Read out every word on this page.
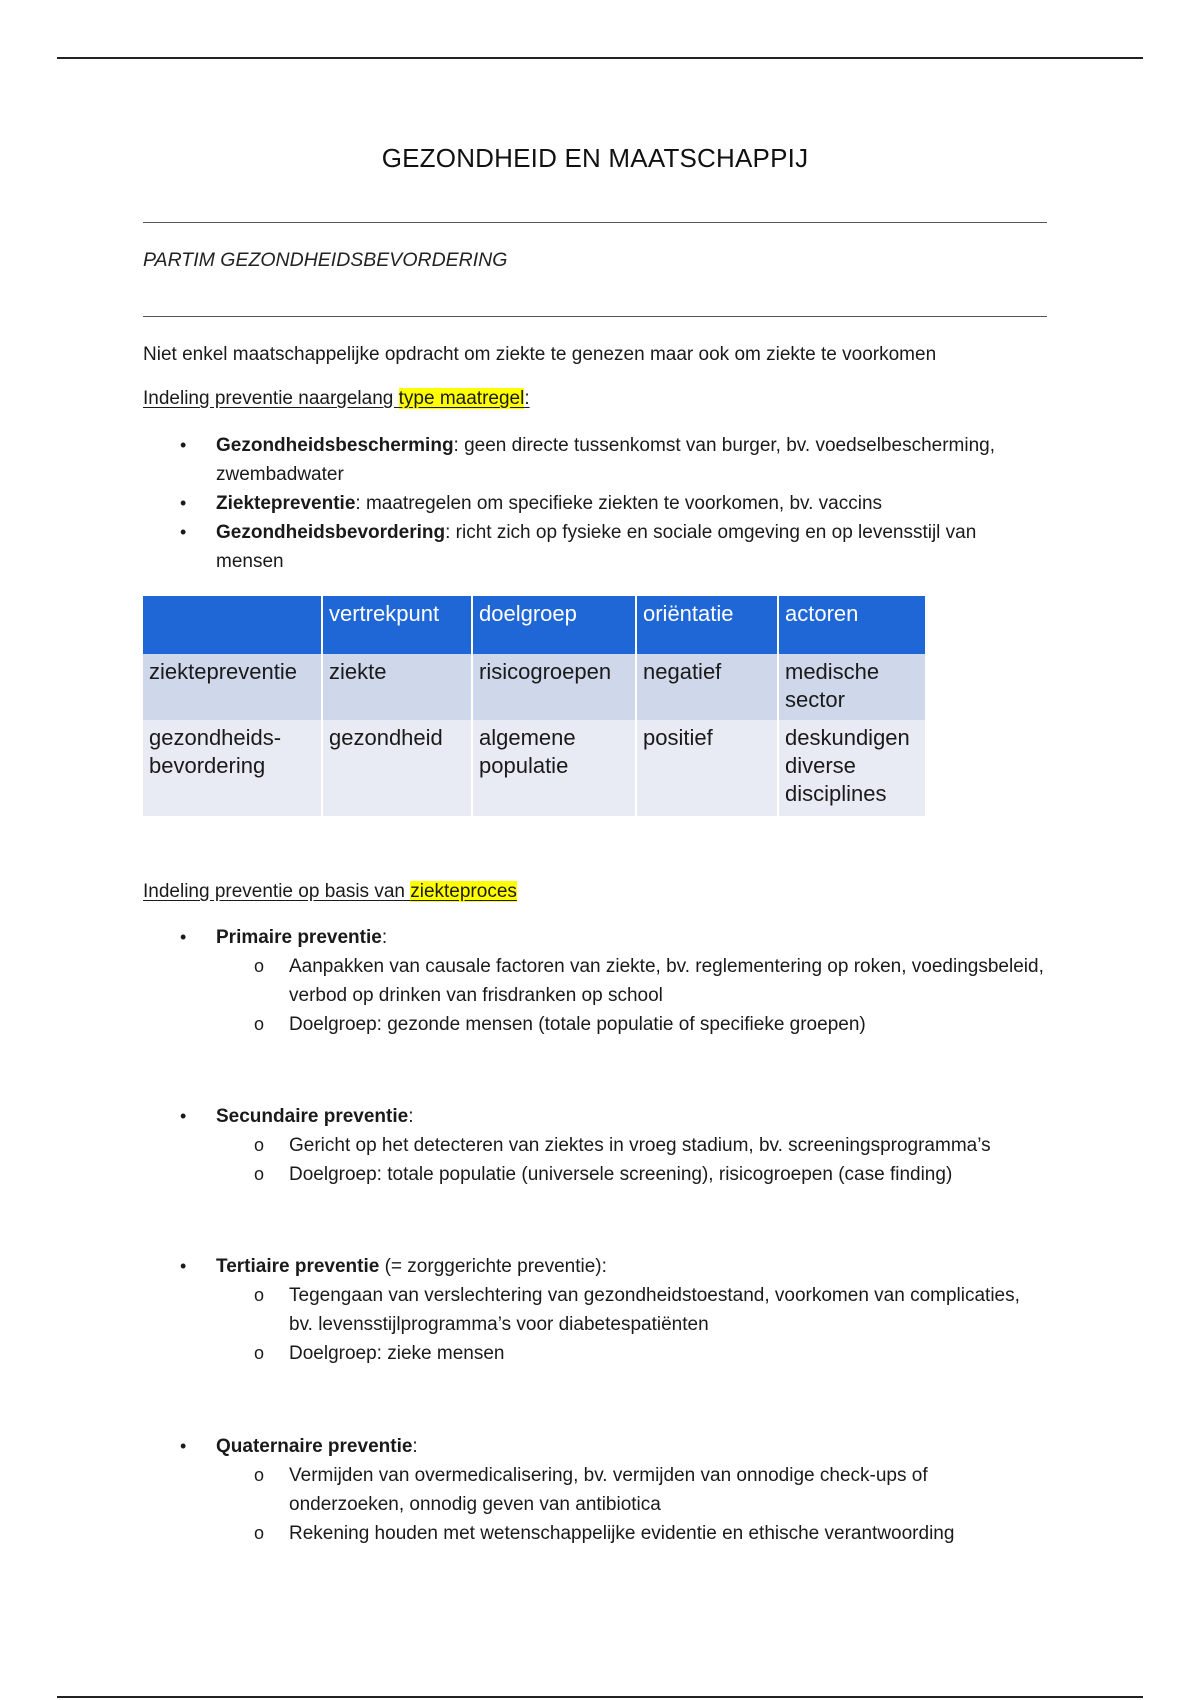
GEZONDHEID EN MAATSCHAPPIJ
PARTIM GEZONDHEIDSBEVORDERING
Niet enkel maatschappelijke opdracht om ziekte te genezen maar ook om ziekte te voorkomen
Indeling preventie naargelang type maatregel:
• Gezondheidsbescherming: geen directe tussenkomst van burger, bv. voedselbescherming, zwembadwater
• Ziektepreventie: maatregelen om specifieke ziekten te voorkomen, bv. vaccins
• Gezondheidsbevordering: richt zich op fysieke en sociale omgeving en op levensstijl van mensen
	vertrekpunt	doelgroep	oriëntatie	actoren
ziektepreventie	ziekte	risicogroepen	negatief	medische sector
gezondheids-bevordering	gezondheid	algemene populatie	positief	deskundigen diverse disciplines
Indeling preventie op basis van ziekteproces
• Primaire preventie:
o Aanpakken van causale factoren van ziekte, bv. reglementering op roken, voedingsbeleid, verbod op drinken van frisdranken op school
o Doelgroep: gezonde mensen (totale populatie of specifieke groepen)
• Secundaire preventie:
o Gericht op het detecteren van ziektes in vroeg stadium, bv. screeningsprogramma’s
o Doelgroep: totale populatie (universele screening), risicogroepen (case finding)
• Tertiaire preventie (= zorggerichte preventie):
o Tegengaan van verslechtering van gezondheidstoestand, voorkomen van complicaties, bv. levensstijlprogramma’s voor diabetespatiënten
o Doelgroep: zieke mensen
• Quaternaire preventie:
o Vermijden van overmedicalisering, bv. vermijden van onnodige check-ups of onderzoeken, onnodig geven van antibiotica
o Rekening houden met wetenschappelijke evidentie en ethische verantwoording
